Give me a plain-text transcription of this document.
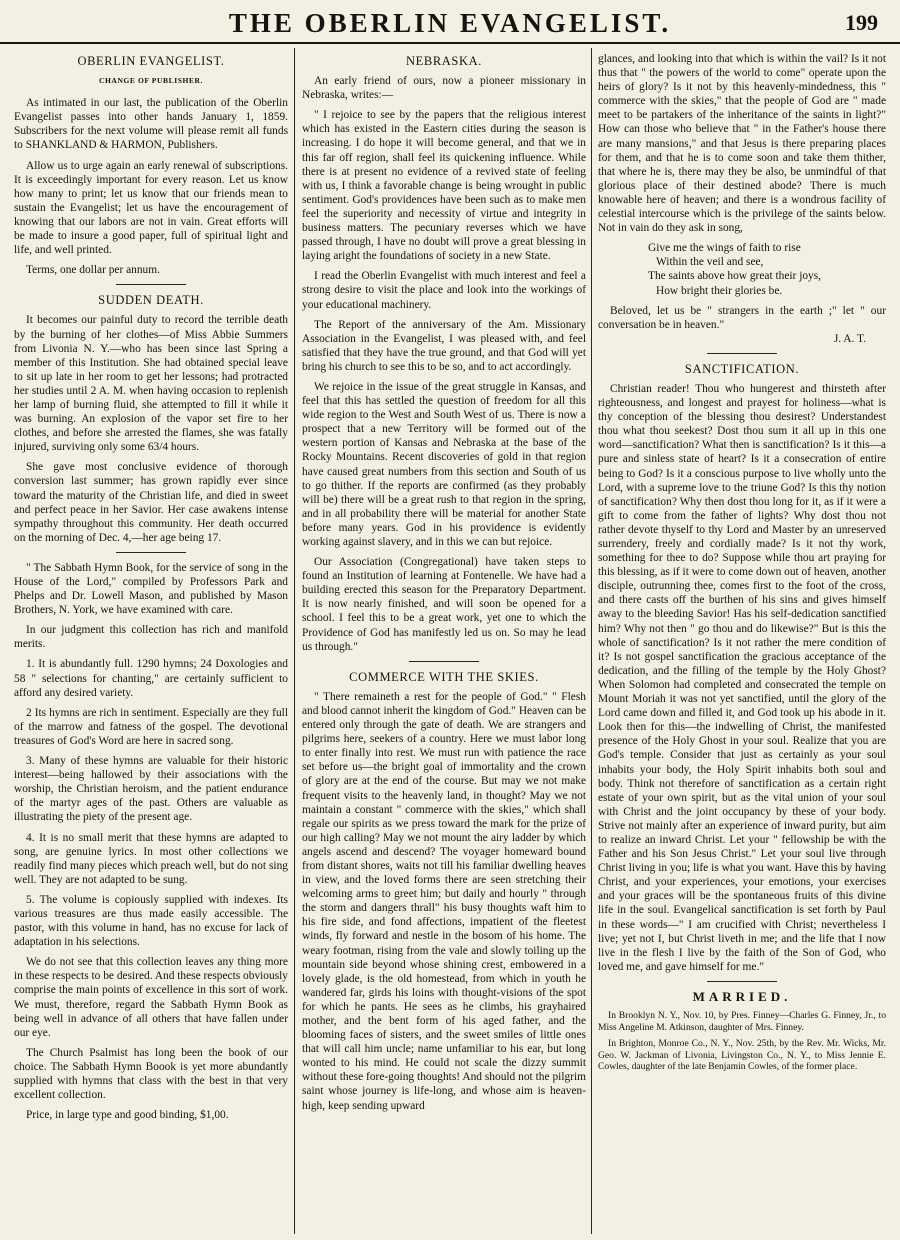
THE OBERLIN EVANGELIST.	199
OBERLIN EVANGELIST.
CHANGE OF PUBLISHER.

As intimated in our last, the publication of the Oberlin Evangelist passes into other hands January 1, 1859. Subscribers for the next volume will please remit all funds to SHANKLAND & HARMON, Publishers.

Allow us to urge again an early renewal of subscriptions. It is exceedingly important for every reason. Let us know how many to print; let us know that our friends mean to sustain the Evangelist; let us have the encouragement of knowing that our labors are not in vain. Great efforts will be made to insure a good paper, full of spiritual light and life, and well printed.

Terms, one dollar per annum.

SUDDEN DEATH.

It becomes our painful duty to record the terrible death by the burning of her clothes—of Miss Abbie Summers from Livonia N. Y.—who has been since last Spring a member of this Institution. She had obtained special leave to sit up late in her room to get her lessons; had protracted her studies until 2 A. M. when having occasion to replenish her lamp of burning fluid, she attempted to fill it while it was burning. An explosion of the vapor set fire to her clothes, and before she arrested the flames, she was fatally injured, surviving only some 63/4 hours.

She gave most conclusive evidence of thorough conversion last summer; has grown rapidly ever since toward the maturity of the Christian life, and died in sweet and perfect peace in her Savior. Her case awakens intense sympathy throughout this community. Her death occurred on the morning of Dec. 4,—her age being 17.

" The Sabbath Hymn Book, for the service of song in the House of the Lord," compiled by Professors Park and Phelps and Dr. Lowell Mason, and published by Mason Brothers, N. York, we have examined with care.

In our judgment this collection has rich and manifold merits.

1. It is abundantly full. 1290 hymns; 24 Doxologies and 58 " selections for chanting," are certainly sufficient to afford any desired variety.

2 Its hymns are rich in sentiment. Especially are they full of the marrow and fatness of the gospel. The devotional treasures of God's Word are here in sacred song.

3. Many of these hymns are valuable for their historic interest—being hallowed by their associations with the worship, the Christian heroism, and the patient endurance of the martyr ages of the past. Others are valuable as illustrating the piety of the present age.

4. It is no small merit that these hymns are adapted to song, are genuine lyrics. In most other collections we readily find many pieces which preach well, but do not sing well. They are not adapted to be sung.

5. The volume is copiously supplied with indexes. Its various treasures are thus made easily accessible. The pastor, with this volume in hand, has no excuse for lack of adaptation in his selections.

We do not see that this collection leaves any thing more in these respects to be desired. And these respects obviously comprise the main points of excellence in this sort of work. We must, therefore, regard the Sabbath Hymn Book as being well in advance of all others that have fallen under our eye.

The Church Psalmist has long been the book of our choice. The Sabbath Hymn Boook is yet more abundantly supplied with hymns that class with the best in that very excellent collection.

Price, in large type and good binding, $1,00.

NEBRASKA.

An early friend of ours, now a pioneer missionary in Nebraska, writes:—

" I rejoice to see by the papers that the religious interest which has existed in the Eastern cities during the season is increasing. I do hope it will become general, and that we in this far off region, shall feel its quickening influence. While there is at present no evidence of a revived state of feeling with us, I think a favorable change is being wrought in public sentiment. God's providences have been such as to make men feel the superiority and necessity of virtue and integrity in business matters. The pecuniary reverses which we have passed through, I have no doubt will prove a great blessing in laying aright the foundations of society in a new State.

I read the Oberlin Evangelist with much interest and feel a strong desire to visit the place and look into the workings of your educational machinery.

The Report of the anniversary of the Am. Missionary Association in the Evangelist, I was pleased with, and feel satisfied that they have the true ground, and that God will yet bring his church to see this to be so, and to act accordingly.

We rejoice in the issue of the great struggle in Kansas, and feel that this has settled the question of freedom for all this wide region to the West and South West of us. There is now a prospect that a new Territory will be formed out of the western portion of Kansas and Nebraska at the base of the Rocky Mountains. Recent discoveries of gold in that region have caused great numbers from this section and South of us to go thither. If the reports are confirmed (as they probably will be) there will be a great rush to that region in the spring, and in all probability there will be material for another State before many years. God in his providence is evidently working against slavery, and in this we can but rejoice.

Our Association (Congregational) have taken steps to found an Institution of learning at Fontenelle. We have had a building erected this season for the Preparatory Department. It is now nearly finished, and will soon be opened for a school. I feel this to be a great work, yet one to which the Providence of God has manifestly led us on. So may he lead us through."

COMMERCE WITH THE SKIES.

" There remaineth a rest for the people of God." " Flesh and blood cannot inherit the kingdom of God." Heaven can be entered only through the gate of death. We are strangers and pilgrims here, seekers of a country. Here we must labor long to enter finally into rest. We must run with patience the race set before us—the bright goal of immortality and the crown of glory are at the end of the course. But may we not make frequent visits to the heavenly land, in thought? May we not maintain a constant " commerce with the skies," which shall regale our spirits as we press toward the mark for the prize of our high calling? May we not mount the airy ladder by which angels ascend and descend? The voyager homeward bound from distant shores, waits not till his familiar dwelling heaves in view, and the loved forms there are seen stretching their welcoming arms to greet him; but daily and hourly " through the storm and dangers thrall" his busy thoughts waft him to his fire side, and fond affections, impatient of the fleetest winds, fly forward and nestle in the bosom of his home. The weary footman, rising from the vale and slowly toiling up the mountain side beyond whose shining crest, embowered in a lovely glade, is the old homestead, from which in youth he wandered far, girds his loins with thought-visions of the spot for which he pants. He sees as he climbs, his grayhaired mother, and the bent form of his aged father, and the blooming faces of sisters, and the sweet smiles of little ones that will call him uncle; name unfamiliar to his ear, but long wonted to his mind. He could not scale the dizzy summit without these fore-going thoughts! And should not the pilgrim saint whose journey is life-long, and whose aim is heaven-high, keep sending upward

glances, and looking into that which is within the vail? Is it not thus that " the powers of the world to come" operate upon the heirs of glory? Is it not by this heavenly-mindedness, this " commerce with the skies," that the people of God are " made meet to be partakers of the inheritance of the saints in light?" How can those who believe that " in the Father's house there are many mansions," and that Jesus is there preparing places for them, and that he is to come soon and take them thither, that where he is, there may they be also, be unmindful of that glorious place of their destined abode? There is much knowable here of heaven; and there is a wondrous facility of celestial intercourse which is the privilege of the saints below. Not in vain do they ask in song,

Give me the wings of faith to rise
Within the veil and see,
The saints above how great their joys,
How bright their glories be.

Beloved, let us be " strangers in the earth ;" let " our conversation be in heaven."

J. A. T.
SANCTIFICATION.

Christian reader! Thou who hungerest and thirsteth after righteousness, and longest and prayest for holiness—what is thy conception of the blessing thou desirest? Understandest thou what thou seekest? Dost thou sum it all up in this one word—sanctification? What then is sanctification? Is it this—a pure and sinless state of heart? Is it a consecration of entire being to God? Is it a conscious purpose to live wholly unto the Lord, with a supreme love to the triune God? Is this thy notion of sanctification? Why then dost thou long for it, as if it were a gift to come from the father of lights? Why dost thou not rather devote thyself to thy Lord and Master by an unreserved surrendery, freely and cordially made? Is it not thy work, something for thee to do? Suppose while thou art praying for this blessing, as if it were to come down out of heaven, another disciple, outrunning thee, comes first to the foot of the cross, and there casts off the burthen of his sins and gives himself away to the bleeding Savior! Has his self-dedication sanctified him? Why not then " go thou and do likewise?" But is this the whole of sanctification? Is it not rather the mere condition of it? Is not gospel sanctification the gracious acceptance of the dedication, and the filling of the temple by the Holy Ghost? When Solomon had completed and consecrated the temple on Mount Moriah it was not yet sanctified, until the glory of the Lord came down and filled it, and God took up his abode in it. Look then for this—the indwelling of Christ, the manifested presence of the Holy Ghost in your soul. Realize that you are God's temple. Consider that just as certainly as your soul inhabits your body, the Holy Spirit inhabits both soul and body. Think not therefore of sanctification as a certain right estate of your own spirit, but as the vital union of your soul with Christ and the joint occupancy by these of your body. Strive not mainly after an experience of inward purity, but aim to realize an inward Christ. Let your " fellowship be with the Father and his Son Jesus Christ." Let your soul live through Christ living in you; life is what you want. Have this by having Christ, and your experiences, your emotions, your exercises and your graces will be the spontaneous fruits of this divine life in the soul. Evangelical sanctification is set forth by Paul in these words—" I am crucified with Christ; nevertheless I live; yet not I, but Christ liveth in me; and the life that I now live in the flesh I live by the faith of the Son of God, who loved me, and gave himself for me."

MARRIED.

In Brooklyn N. Y., Nov. 10, by Pres. Finney—Charles G. Finney, Jr., to Miss Angeline M. Atkinson, daughter of Mrs. Finney.

In Brighton, Monroe Co., N. Y., Nov. 25th, by the Rev. Mr. Wicks, Mr. Geo. W. Jackman of Livonia, Livingston Co., N. Y., to Miss Jennie E. Cowles, daughter of the late Benjamin Cowles, of the former place.
